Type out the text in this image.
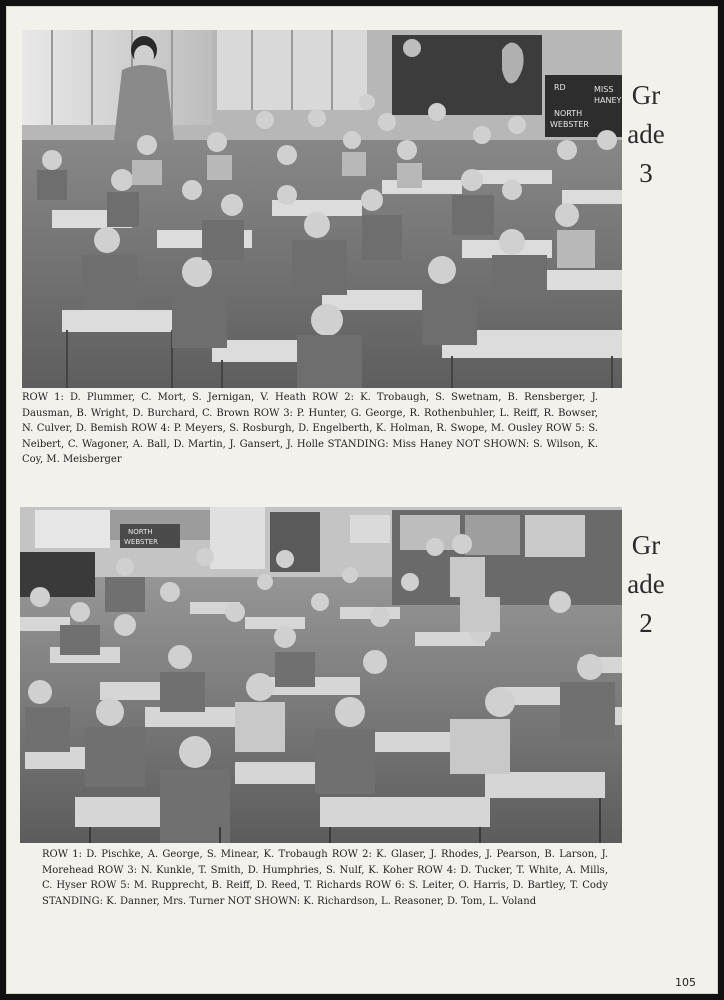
RD	MISS
HANEY
NORTH
WEBSTER
Grade
3
ROW 1: D. Plummer, C. Mort, S. Jernigan, V. Heath ROW 2: K. Trobaugh, S. Swetnam, B. Rensberger, J. Dausman, B. Wright, D. Burchard, C. Brown ROW 3: P. Hunter, G. George, R. Rothenbuhler, L. Reiff, R. Bowser, N. Culver, D. Bemish ROW 4: P. Meyers, S. Rosburgh, D. Engelberth, K. Holman, R. Swope, M. Ousley ROW 5: S. Neibert, C. Wagoner, A. Ball, D. Martin, J. Gansert, J. Holle STANDING: Miss Haney NOT SHOWN: S. Wilson, K. Coy, M. Meisberger
NORTH
WEBSTER	Grade
2
ROW 1: D. Pischke, A. George, S. Minear, K. Trobaugh ROW 2: K. Glaser, J. Rhodes, J. Pearson, B. Larson, J. Morehead ROW 3: N. Kunkle, T. Smith, D. Humphries, S. Nulf, K. Koher ROW 4: D. Tucker, T. White, A. Mills, C. Hyser ROW 5: M. Rupprecht, B. Reiff, D. Reed, T. Richards ROW 6: S. Leiter, O. Harris, D. Bartley, T. Cody STANDING: K. Danner, Mrs. Turner NOT SHOWN: K. Richardson, L. Reasoner, D. Tom, L. Voland
105
